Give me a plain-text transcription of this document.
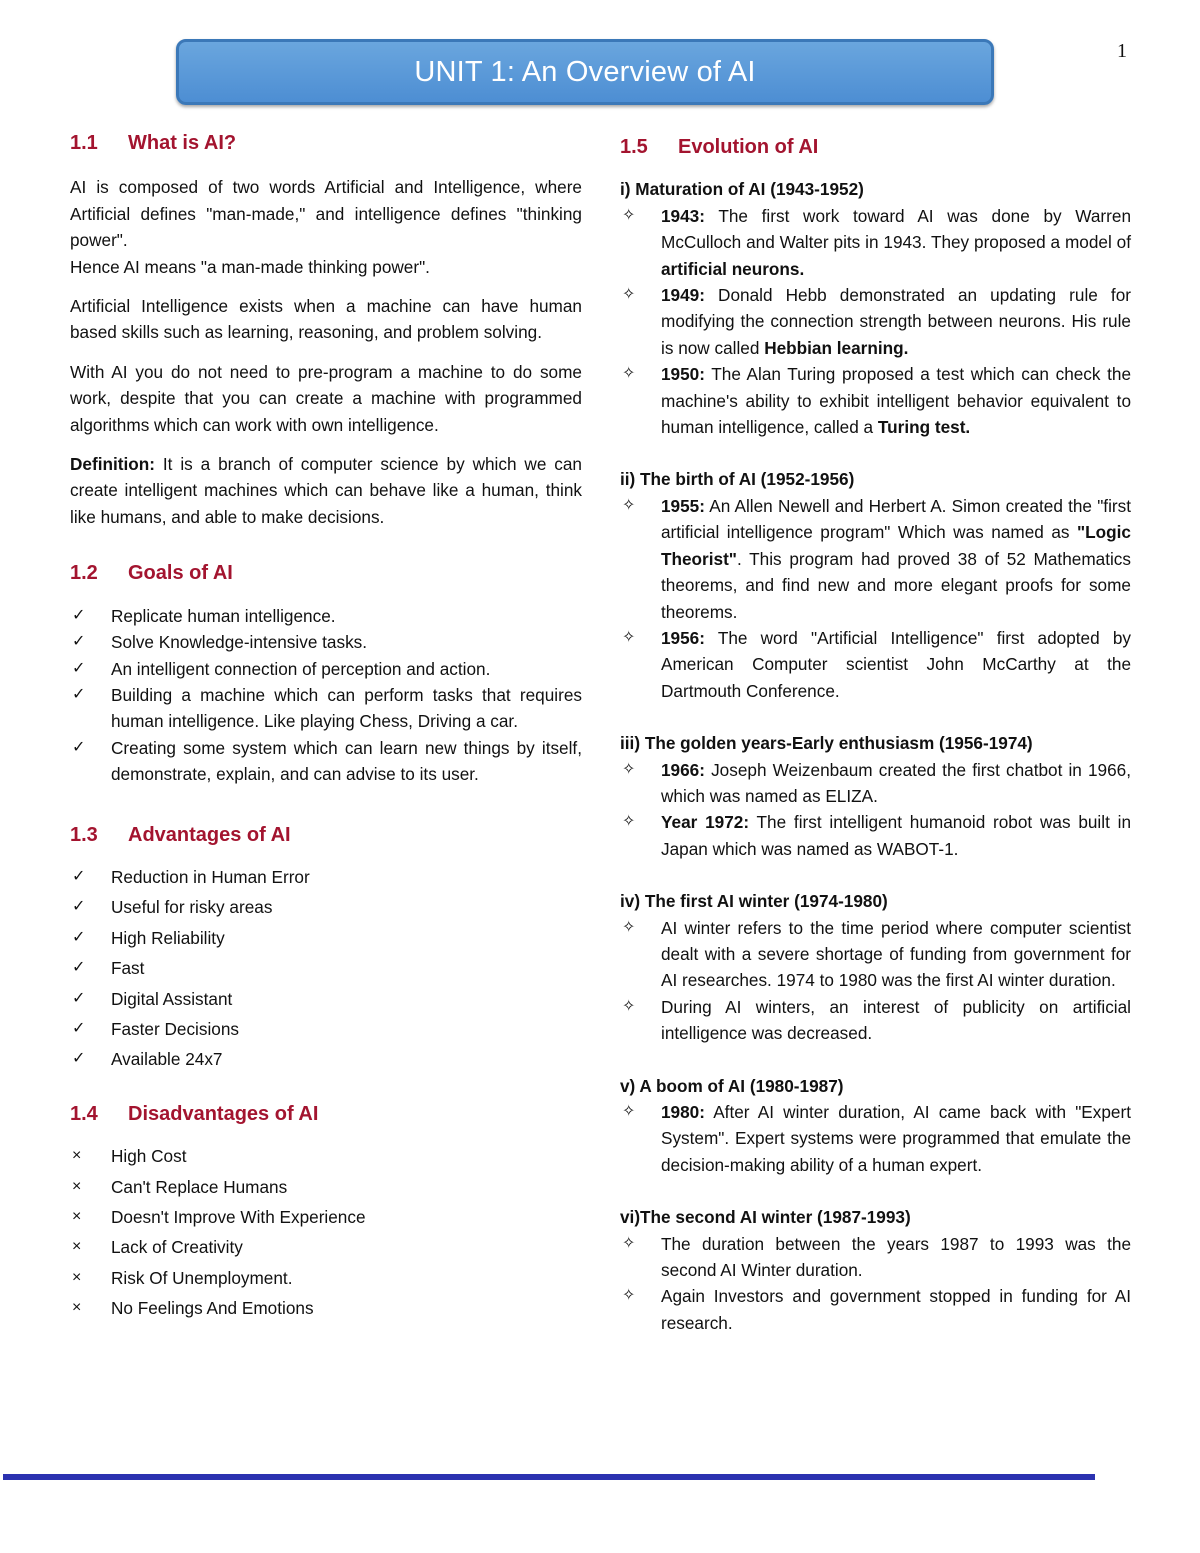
1
UNIT 1: An Overview of AI
1.1	What is AI?

AI is composed of two words Artificial and Intelligence, where Artificial defines "man-made," and intelligence defines "thinking power".

Hence AI means "a man-made thinking power".

Artificial Intelligence exists when a machine can have human based skills such as learning, reasoning, and problem solving.

With AI you do not need to pre-program a machine to do some work, despite that you can create a machine with programmed algorithms which can work with own intelligence.

Definition: It is a branch of computer science by which we can create intelligent machines which can behave like a human, think like humans, and able to make decisions.

1.2	Goals of AI
✓ Replicate human intelligence.
✓ Solve Knowledge-intensive tasks.
✓ An intelligent connection of perception and action.
✓ Building a machine which can perform tasks that requires human intelligence. Like playing Chess, Driving a car.
✓ Creating some system which can learn new things by itself, demonstrate, explain, and can advise to its user.
1.3	Advantages of AI
✓ Reduction in Human Error
✓ Useful for risky areas
✓ High Reliability
✓ Fast
✓ Digital Assistant
✓ Faster Decisions
✓ Available 24x7
1.4	Disadvantages of AI
× High Cost
× Can't Replace Humans
× Doesn't Improve With Experience
× Lack of Creativity
× Risk Of Unemployment.
× No Feelings And Emotions
1.5	Evolution of AI

i) Maturation of AI (1943-1952)

✧ 1943: The first work toward AI was done by Warren McCulloch and Walter pits in 1943. They proposed a model of artificial neurons.
✧ 1949: Donald Hebb demonstrated an updating rule for modifying the connection strength between neurons. His rule is now called Hebbian learning.
✧ 1950: The Alan Turing proposed a test which can check the machine's ability to exhibit intelligent behavior equivalent to human intelligence, called a Turing test.

ii) The birth of AI (1952-1956)

✧ 1955: An Allen Newell and Herbert A. Simon created the "first artificial intelligence program" Which was named as "Logic Theorist". This program had proved 38 of 52 Mathematics theorems, and find new and more elegant proofs for some theorems.
✧ 1956: The word "Artificial Intelligence" first adopted by American Computer scientist John McCarthy at the Dartmouth Conference.

iii) The golden years-Early enthusiasm (1956-1974)

✧ 1966: Joseph Weizenbaum created the first chatbot in 1966, which was named as ELIZA.
✧ Year 1972: The first intelligent humanoid robot was built in Japan which was named as WABOT-1.

iv) The first AI winter (1974-1980)

✧ AI winter refers to the time period where computer scientist dealt with a severe shortage of funding from government for AI researches. 1974 to 1980 was the first AI winter duration.
✧ During AI winters, an interest of publicity on artificial intelligence was decreased.

v) A boom of AI (1980-1987)

✧ 1980: After AI winter duration, AI came back with "Expert System". Expert systems were programmed that emulate the decision-making ability of a human expert.

vi)The second AI winter (1987-1993)

✧ The duration between the years 1987 to 1993 was the second AI Winter duration.
✧ Again Investors and government stopped in funding for AI research.
